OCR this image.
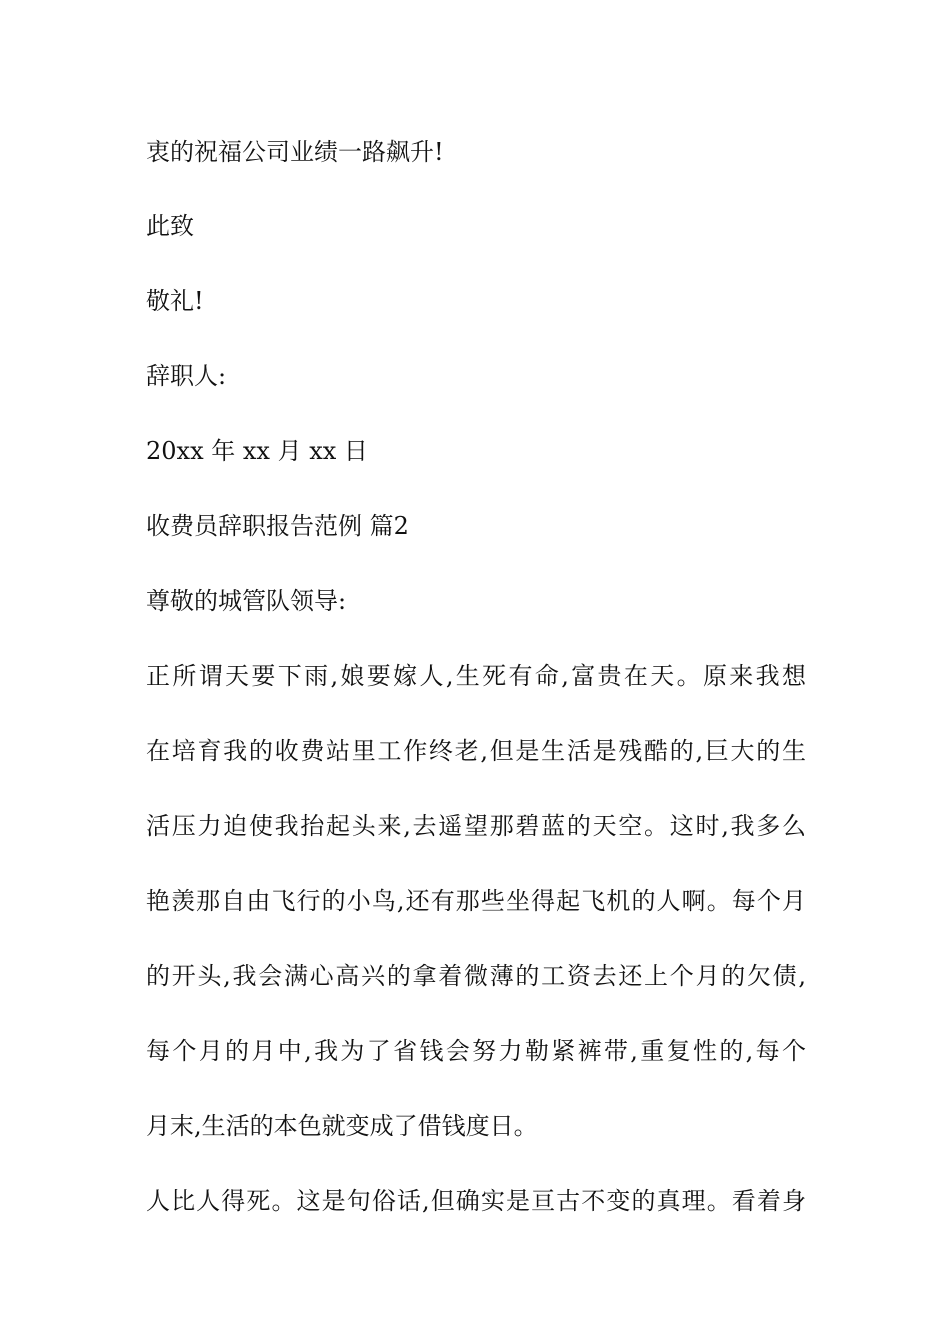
衷的祝福公司业绩一路飙升!
此致
敬礼!
辞职人:
20xx 年 xx 月 xx 日
收费员辞职报告范例 篇2
尊敬的城管队领导:
正所谓天要下雨,娘要嫁人,生死有命,富贵在天。原来我想
在培育我的收费站里工作终老,但是生活是残酷的,巨大的生
活压力迫使我抬起头来,去遥望那碧蓝的天空。这时,我多么
艳羡那自由飞行的小鸟,还有那些坐得起飞机的人啊。每个月
的开头,我会满心高兴的拿着微薄的工资去还上个月的欠债,
每个月的月中,我为了省钱会努力勒紧裤带,重复性的,每个
月末,生活的本色就变成了借钱度日。
人比人得死。这是句俗话,但确实是亘古不变的真理。看着身
